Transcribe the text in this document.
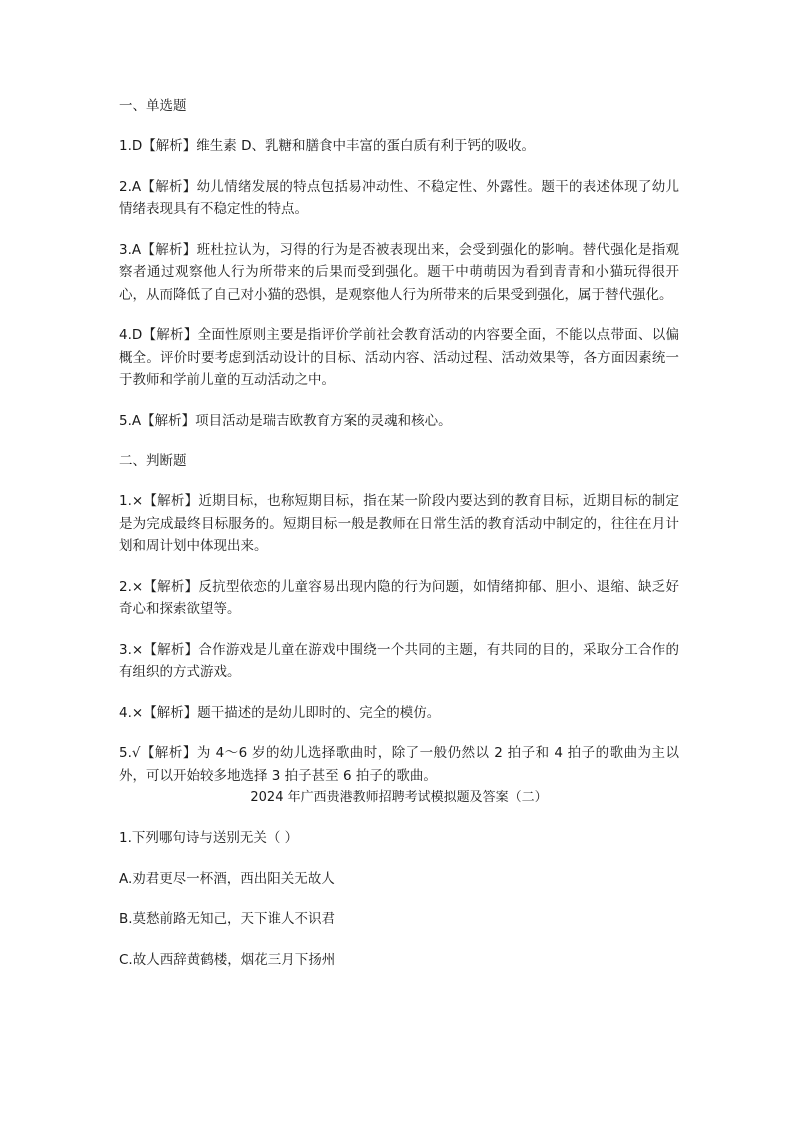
一、单选题

1.D【解析】维生素 D、乳糖和膳食中丰富的蛋白质有利于钙的吸收。

2.A【解析】幼儿情绪发展的特点包括易冲动性、不稳定性、外露性。题干的表述体现了幼儿情绪表现具有不稳定性的特点。

3.A【解析】班杜拉认为，习得的行为是否被表现出来，会受到强化的影响。替代强化是指观察者通过观察他人行为所带来的后果而受到强化。题干中萌萌因为看到青青和小猫玩得很开心，从而降低了自己对小猫的恐惧，是观察他人行为所带来的后果受到强化，属于替代强化。

4.D【解析】全面性原则主要是指评价学前社会教育活动的内容要全面，不能以点带面、以偏概全。评价时要考虑到活动设计的目标、活动内容、活动过程、活动效果等，各方面因素统一于教师和学前儿童的互动活动之中。

5.A【解析】项目活动是瑞吉欧教育方案的灵魂和核心。

二、判断题

1.×【解析】近期目标，也称短期目标，指在某一阶段内要达到的教育目标，近期目标的制定是为完成最终目标服务的。短期目标一般是教师在日常生活的教育活动中制定的，往往在月计划和周计划中体现出来。

2.×【解析】反抗型依恋的儿童容易出现内隐的行为问题，如情绪抑郁、胆小、退缩、缺乏好奇心和探索欲望等。

3.×【解析】合作游戏是儿童在游戏中围绕一个共同的主题，有共同的目的，采取分工合作的有组织的方式游戏。

4.×【解析】题干描述的是幼儿即时的、完全的模仿。

5.√【解析】为 4～6 岁的幼儿选择歌曲时，除了一般仍然以 2 拍子和 4 拍子的歌曲为主以外，可以开始较多地选择 3 拍子甚至 6 拍子的歌曲。

2024 年广西贵港教师招聘考试模拟题及答案（二）

1.下列哪句诗与送别无关（ ）

A.劝君更尽一杯酒，西出阳关无故人

B.莫愁前路无知己，天下谁人不识君

C.故人西辞黄鹤楼，烟花三月下扬州
